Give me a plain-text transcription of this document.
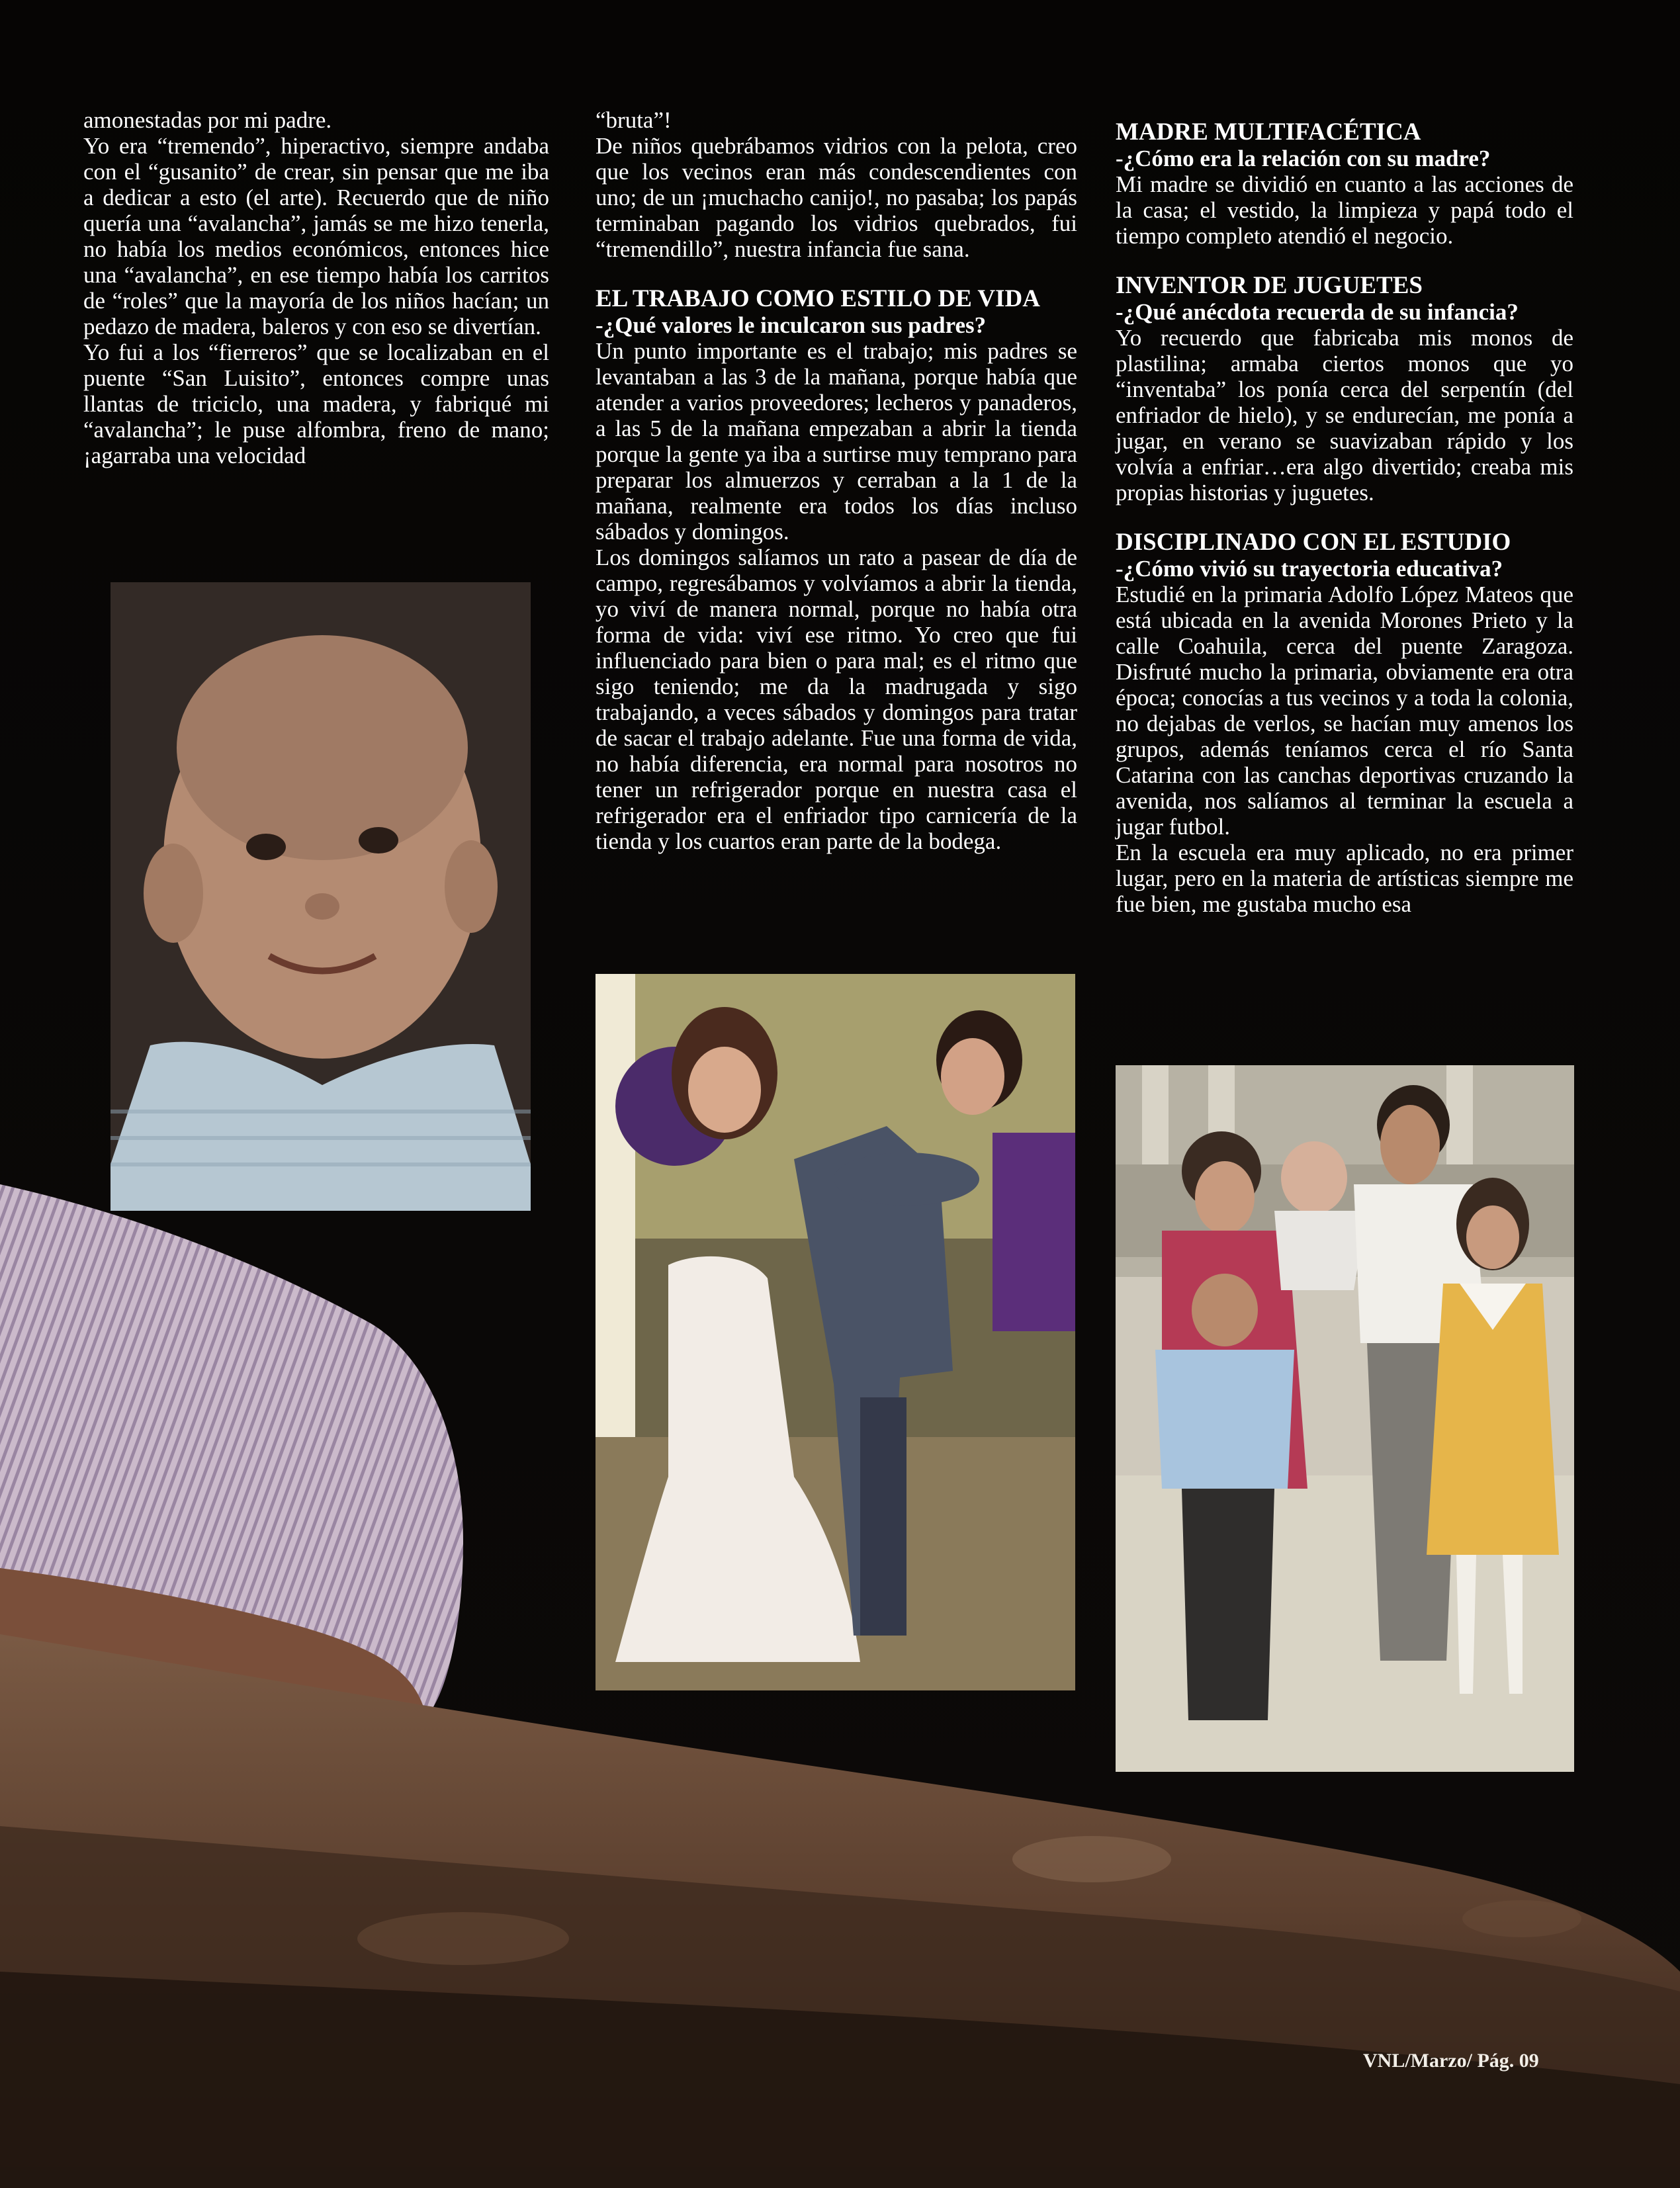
amonestadas por mi padre.

Yo era “tremendo”, hiperactivo, siempre andaba con el “gusanito” de crear, sin pensar que me iba a dedicar a esto (el arte). Recuerdo que de niño quería una “avalancha”, jamás se me hizo tenerla, no había los medios económicos, entonces hice una “avalancha”, en ese tiempo había los carritos de “roles” que la mayoría de los niños hacían; un pedazo de madera, baleros y con eso se divertían.

Yo fui a los “fierreros” que se localizaban en el puente “San Luisito”, entonces compre unas llantas de triciclo, una madera, y fabriqué mi “avalancha”; le puse alfombra, freno de mano; ¡agarraba una velocidad

“bruta”!

De niños quebrábamos vidrios con la pelota, creo que los vecinos eran más condescendientes con uno; de un ¡muchacho canijo!, no pasaba; los papás terminaban pagando los vidrios quebrados, fui “tremendillo”, nuestra infancia fue sana.

EL TRABAJO COMO ESTILO DE VIDA

-¿Qué valores le inculcaron sus padres?

Un punto importante es el trabajo; mis padres se levantaban a las 3 de la mañana, porque había que atender a varios proveedores; lecheros y panaderos, a las 5 de la mañana empezaban a abrir la tienda porque la gente ya iba a surtirse muy temprano para preparar los almuerzos y cerraban a la 1 de la mañana, realmente era todos los días incluso sábados y domingos.

Los domingos salíamos un rato a pasear de día de campo, regresábamos y volvíamos a abrir la tienda, yo viví de manera normal, porque no había otra forma de vida: viví ese ritmo. Yo creo que fui influenciado para bien o para mal; es el ritmo que sigo teniendo; me da la madrugada y sigo trabajando, a veces sábados y domingos para tratar de sacar el trabajo adelante. Fue una forma de vida, no había diferencia, era normal para nosotros no tener un refrigerador porque en nuestra casa el refrigerador era el enfriador tipo carnicería de la tienda y los cuartos eran parte de la bodega.

MADRE MULTIFACÉTICA

-¿Cómo era la relación con su madre?

Mi madre se dividió en cuanto a las acciones de la casa; el vestido, la limpieza y papá todo el tiempo completo atendió el negocio.

INVENTOR DE JUGUETES

-¿Qué anécdota recuerda de su infancia?

Yo recuerdo que fabricaba mis monos de plastilina; armaba ciertos monos que yo “inventaba” los ponía cerca del serpentín (del enfriador de hielo), y se endurecían, me ponía a jugar, en verano se suavizaban rápido y los volvía a enfriar…era algo divertido; creaba mis propias historias y juguetes.

DISCIPLINADO CON EL ESTUDIO

-¿Cómo vivió su trayectoria educativa?

Estudié en la primaria Adolfo López Mateos que está ubicada en la avenida Morones Prieto y la calle Coahuila, cerca del puente Zaragoza. Disfruté mucho la primaria, obviamente era otra época; conocías a tus vecinos y a toda la colonia, no dejabas de verlos, se hacían muy amenos los grupos, además teníamos cerca el río Santa Catarina con las canchas deportivas cruzando la avenida, nos salíamos al terminar la escuela a jugar futbol.

En la escuela era muy aplicado, no era primer lugar, pero en la materia de artísticas siempre me fue bien, me gustaba mucho esa

VNL/Marzo/ Pág. 09
